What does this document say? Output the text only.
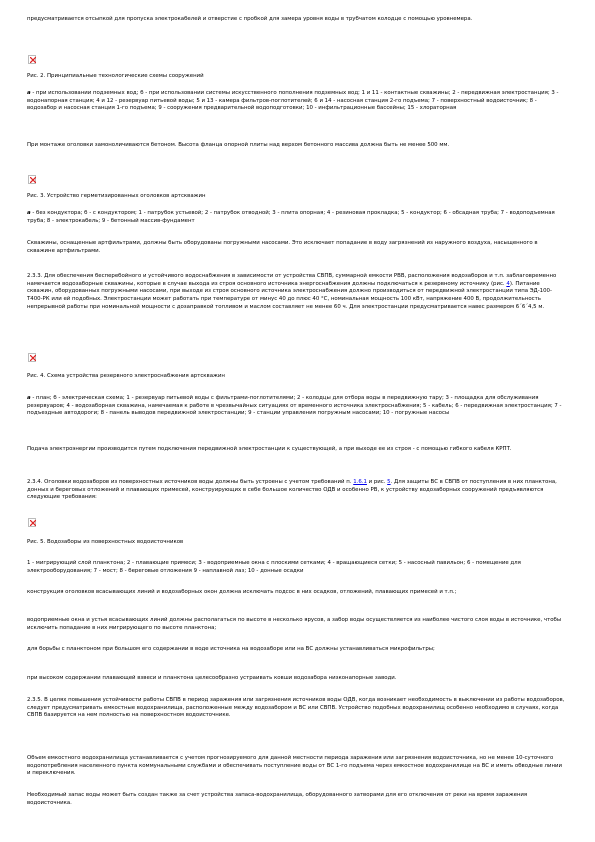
предусматривается отсыпкой для пропуска электрокабелей и отверстие с пробкой для замера уровня воды в трубчатом колодце с помощью уровнемера.
Рис. 2. Принципиальные технологические схемы сооружений
а - при использовании подземных вод; б - при использовании системы искусственного пополнения подземных вод; 1 и 11 - контактные скважины; 2 - передвижная электростанция; 3 - водонапорная станция; 4 и 12 - резервуар питьевой воды; 5 и 13 - камера фильтров-поглотителей; 6 и 14 - насосная станция 2-го подъема; 7 - поверхностный водоисточник; 8 - водозабор и насосная станция 1-го подъема; 9 - сооружения предварительной водоподготовки; 10 - инфильтрационные бассейны; 15 - хлораторная
При монтаже оголовки замоноличиваются бетоном. Высота фланца опорной плиты над верхом бетонного массива должна быть не менее 500 мм.
Рис. 3. Устройство герметизированных оголовков артскважин
а - без кондуктора; б - с кондуктором; 1 - патрубок устьевой; 2 - патрубок отводной; 3 - плита опорная; 4 - резиновая прокладка; 5 - кондуктор; 6 - обсадная труба; 7 - водоподъемная труба; 8 - электрокабель; 9 - бетонный массив-фундамент
Скважины, оснащенные артфильтрами, должны быть оборудованы погружными насосами. Это исключает попадание в воду загрязнений из наружного воздуха, насыщенного в скважине артфильтрами.
2.3.3. Для обеспечения бесперебойного и устойчивого водоснабжения в зависимости от устройства СВПВ, суммарной емкости РВВ, расположения водозаборов и т.п. заблаговременно намечается водозаборные скважины, которые в случае выхода из строя основного источника энергоснабжения должны подключаться к резервному источнику (рис. 4). Питание скважин, оборудованных погружными насосами, при выходе из строя основного источника электроснабжения должно производиться от передвижной электростанции типа ЭД-100-Т400-РК или ей подобных. Электростанции может работать при температуре от минус 40 до плюс 40 °С, номинальная мощность 100 кВт, напряжение 400 В, продолжительность непрерывной работы при номинальной мощности с дозаправкой топливом и маслом составляет не менее 60 ч. Для электростанции предусматривается навес размером 6´6´4,5 м.
Рис. 4. Схема устройства резервного электроснабжения артскважин
а - план; б - электрическая схема; 1 - резервуар питьевой воды с фильтрами-поглотителями; 2 - колодцы для отбора воды в передвижную тару; 3 - площадка для обслуживания резервуаров; 4 - водозаборная скважина, намечаемая к работе в чрезвычайных ситуациях от временного источника электроснабжения; 5 - кабель; 6 - передвижная электростанция; 7 - подъездные автодороги; 8 - панель выводов передвижной электростанции; 9 - станции управления погружным насосами; 10 - погружные насосы
Подача электроэнергии производится путем подключения передвижной электростанции к существующей, а при выходе ее из строя - с помощью гибкого кабеля КРПТ.
2.3.4. Оголовки водозаборов из поверхностных источников воды должны быть устроены с учетом требований п. 1.6.1 и рис. 5. Для защиты ВС в СВПВ от поступления в них планктона, донных и береговых отложений и плавающих примесей, конструирующих в себе большое количество ОДВ и особенно РВ, к устройству водозаборных сооружений предъявляются следующие требования:
Рис. 5. Водозаборы из поверхностных водоисточников
1 - мигрирующий слой планктона; 2 - плавающие примеси; 3 - водоприемные окна с плоскими сетками; 4 - вращающиеся сетки; 5 - насосный павильон; 6 - помещение для электрооборудования; 7 - мост; 8 - береговые отложения 9 - наплавной лаз; 10 - донные осадки
конструкция оголовков всасывающих линий и водозаборных окон должна исключать подсос в них осадков, отложений, плавающих примесей и т.п.;
водоприемные окна и устья всасывающих линий должны располагаться по высоте в несколько ярусов, а забор воды осуществляется из наиболее чистого слоя воды в источнике, чтобы исключить попадание в них мигрирующего по высоте планктона;
для борьбы с планктоном при большом его содержании в воде источника на водозаборе или на ВС должны устанавливаться микрофильтры;
при высоком содержании плавающей взвеси и планктона целесообразно устраивать ковши водозабора низконапорные заводи.
2.3.5. В целях повышения устойчивости работы СВПВ в период заражения или загрязнения источников воды ОДВ, когда возникает необходимость в выключении из работы водозаборов, следует предусматривать емкостные водохранилища, расположенные между водозабором и ВС или СВПВ. Устройство подобных водохранилищ особенно необходимо в случаях, когда СВПВ базируется на нем полностью на поверхностном водоисточнике.
Объем емкостного водохранилища устанавливается с учетом прогнозируемого для данной местности периода заражения или загрязнения водоисточника, но не менее 10-суточного водопотребления населенного пункта коммунальными службами и обеспечивать поступление воды от ВС 1-го подъема через емкостное водохранилище на ВС и иметь обводные линии и переключения.
Необходимый запас воды может быть создан также за счет устройства запаса-водохранилища, оборудованного затворами для его отключения от реки на время заражения водоисточника.
